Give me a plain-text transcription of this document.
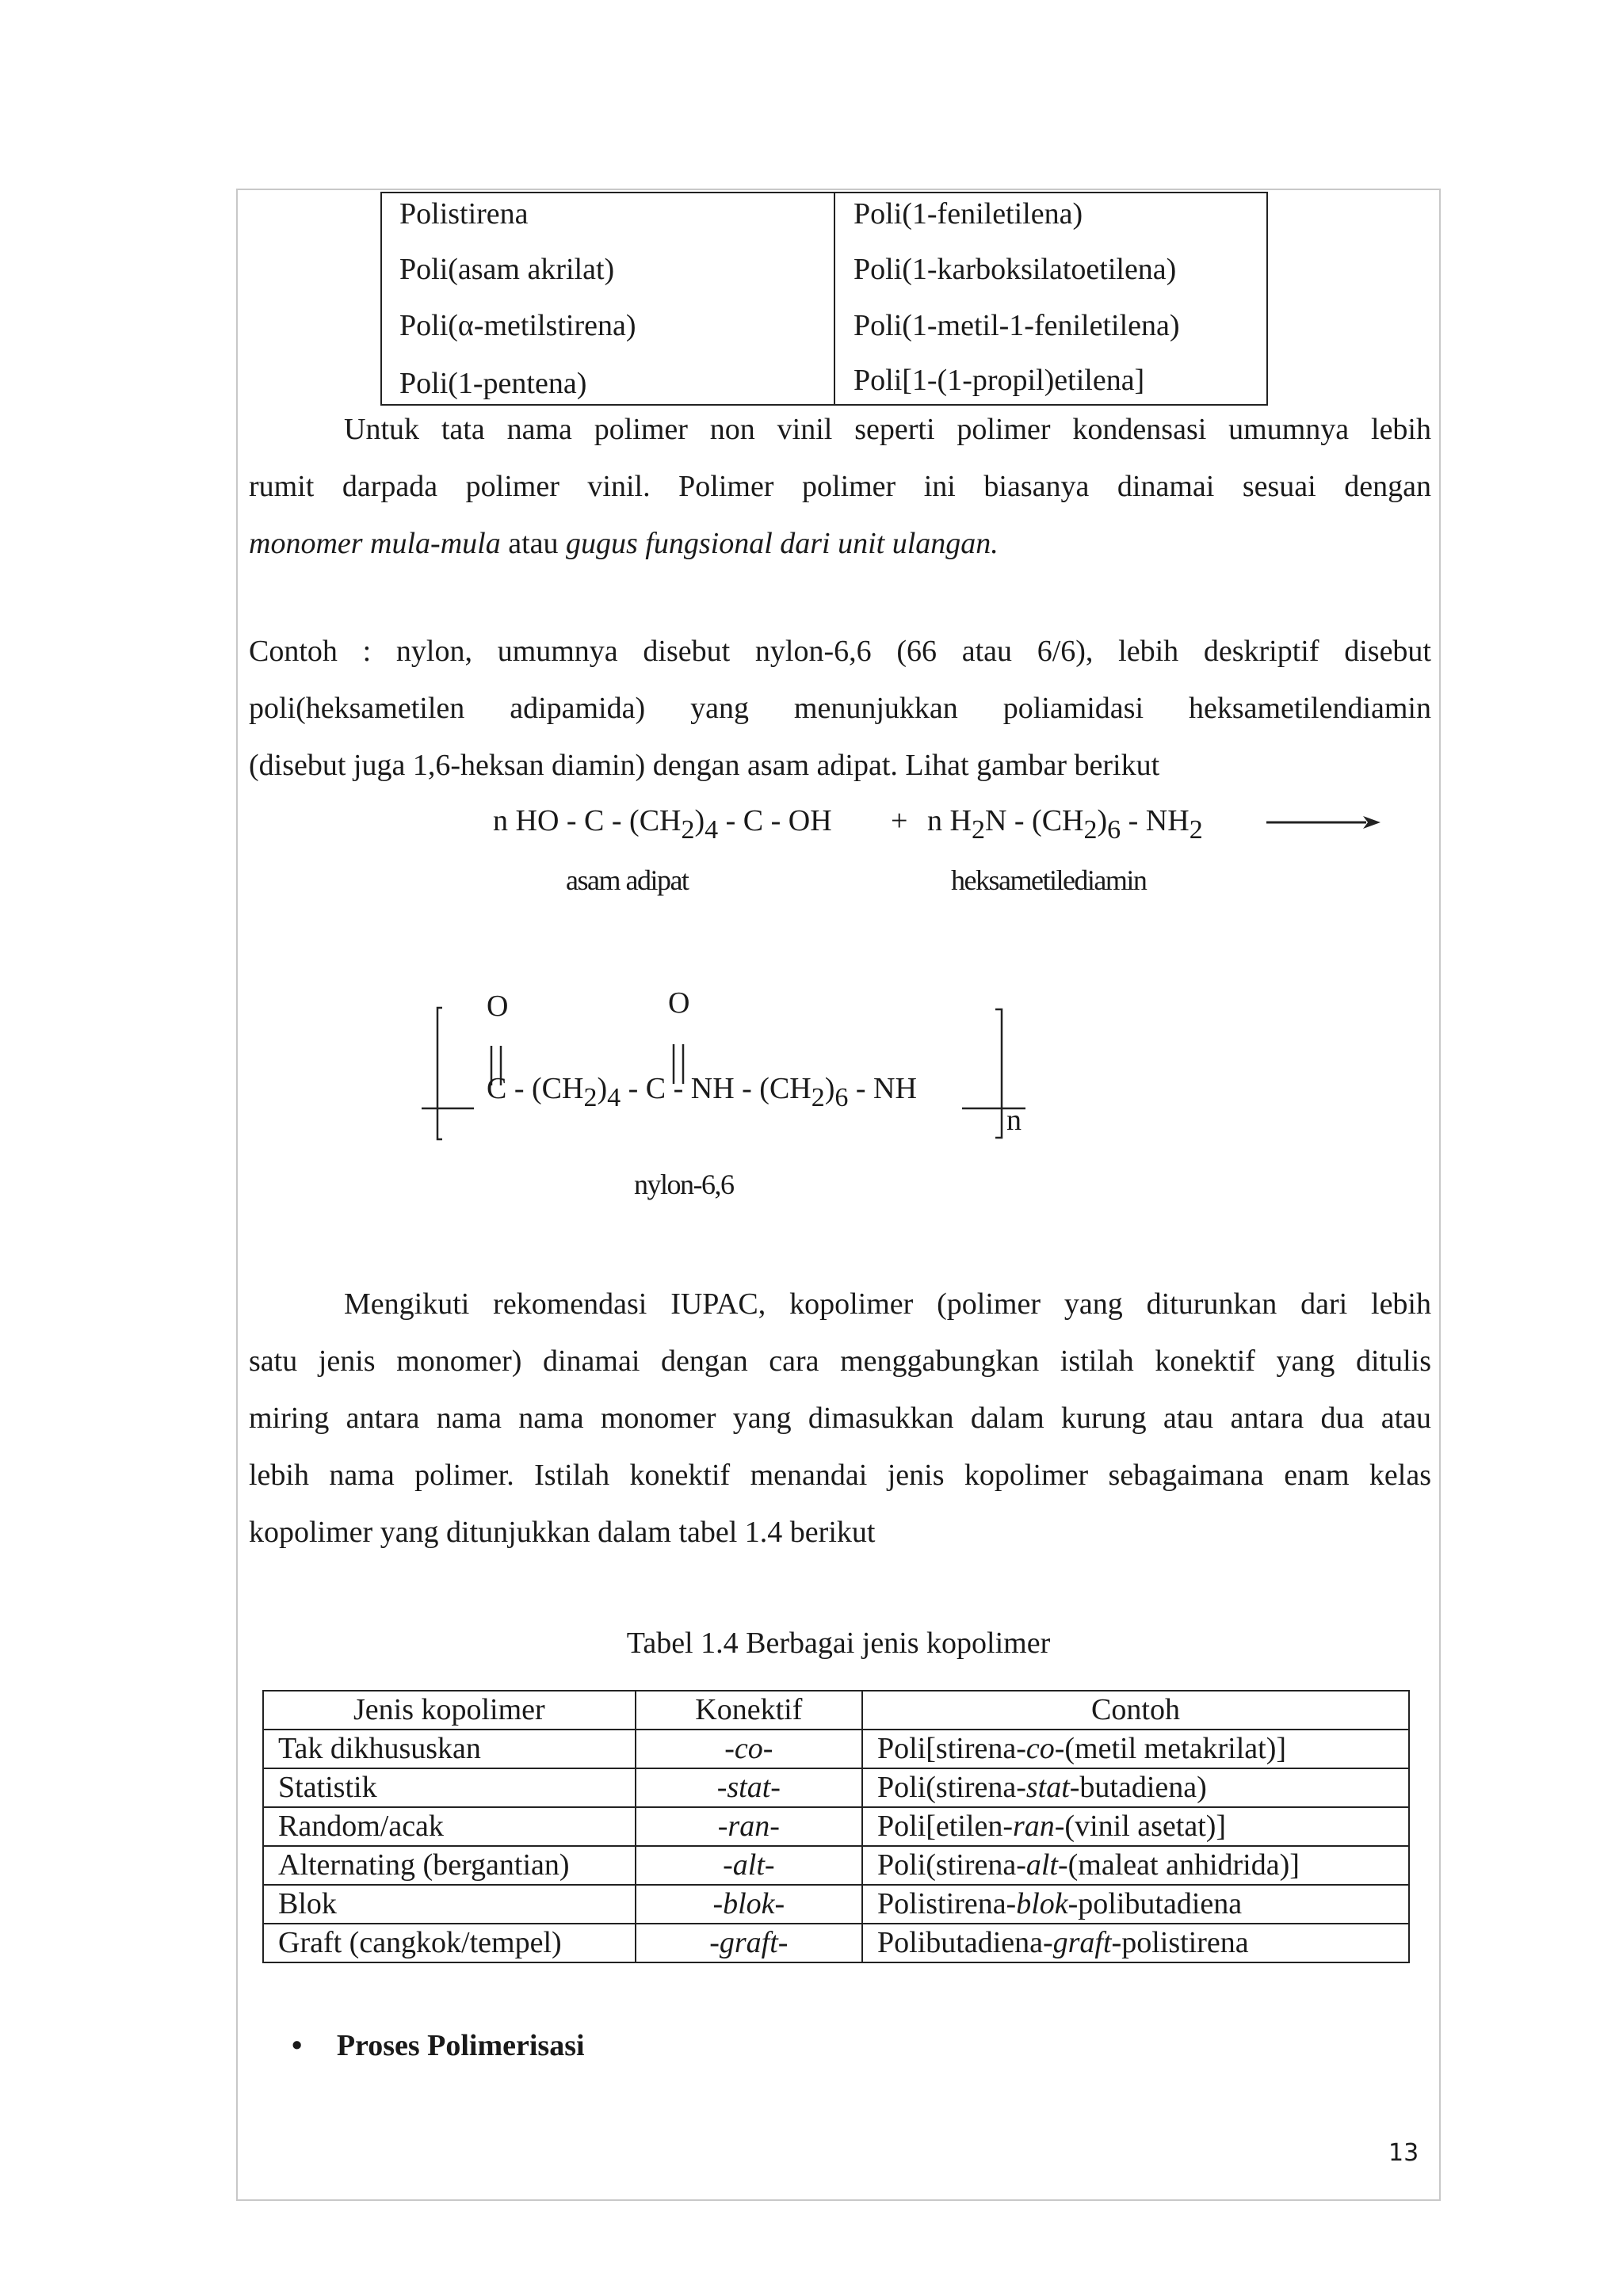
Polistirena	Poli(1-feniletilena)
Poli(asam akrilat)	Poli(1-karboksilatoetilena)
Poli(α-metilstirena)	Poli(1-metil-1-feniletilena)
Poli(1-pentena)	Poli[1-(1-propil)etilena]
Untuk tata nama polimer non vinil seperti polimer kondensasi umumnya lebih
rumit darpada polimer vinil. Polimer polimer ini biasanya dinamai sesuai dengan
monomer mula-mula atau gugus fungsional dari unit ulangan.
Contoh : nylon, umumnya disebut nylon-6,6 (66 atau 6/6), lebih deskriptif disebut
poli(heksametilen adipamida) yang menunjukkan poliamidasi heksametilendiamin
(disebut juga 1,6-heksan diamin) dengan asam adipat. Lihat gambar berikut
n HO - C - $(CH_2)_4$ - C - OH + n $H_2N - (CH_2)_6 - NH_2$
asam adipat	heksametilediamin
O	O
C - $(CH_2)_4$ - C - NH - $(CH_2)_6$ - NH
n
nylon-6,6
Mengikuti rekomendasi IUPAC, kopolimer (polimer yang diturunkan dari lebih
satu jenis monomer) dinamai dengan cara menggabungkan istilah konektif yang ditulis
miring antara nama nama monomer yang dimasukkan dalam kurung atau antara dua atau
lebih nama polimer. Istilah konektif menandai jenis kopolimer sebagaimana enam kelas
kopolimer yang ditunjukkan dalam tabel 1.4 berikut
Tabel 1.4 Berbagai jenis kopolimer
Jenis kopolimer	Konektif	Contoh
Tak dikhususkan	-co-	Poli[stirena-co-(metil metakrilat)]
Statistik	-stat-	Poli(stirena-stat-butadiena)
Random/acak	-ran-	Poli[etilen-ran-(vinil asetat)]
Alternating (bergantian)	-alt-	Poli(stirena-alt-(maleat anhidrida)]
Blok	-blok-	Polistirena-blok-polibutadiena
Graft (cangkok/tempel)	-graft-	Polibutadiena-graft-polistirena
• Proses Polimerisasi
13
